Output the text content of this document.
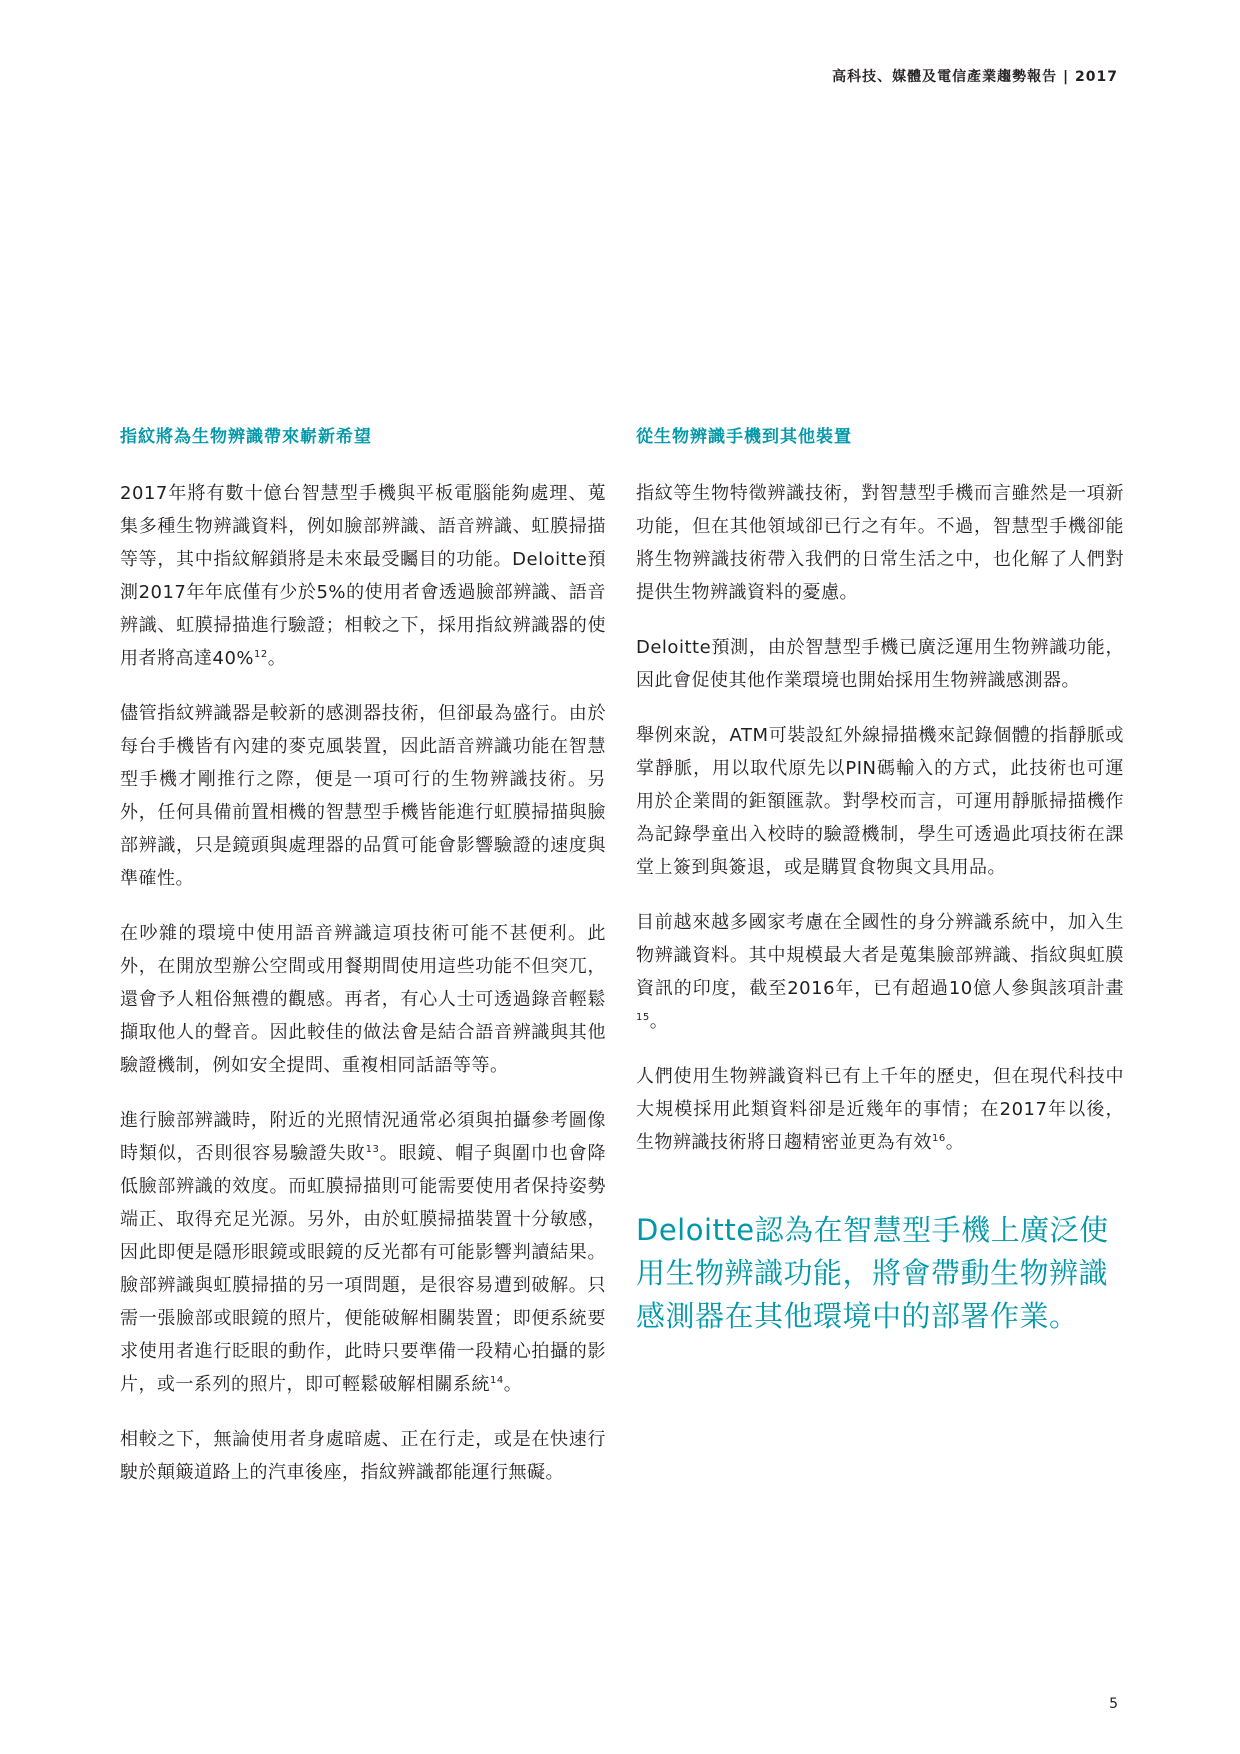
高科技、媒體及電信產業趨勢報告 | 2017
指紋將為生物辨識帶來嶄新希望

2017年將有數十億台智慧型手機與平板電腦能夠處理、蒐集多種生物辨識資料，例如臉部辨識、語音辨識、虹膜掃描等等，其中指紋解鎖將是未來最受矚目的功能。Deloitte預測2017年年底僅有少於5%的使用者會透過臉部辨識、語音辨識、虹膜掃描進行驗證；相較之下，採用指紋辨識器的使用者將高達40%$^{12}$。

儘管指紋辨識器是較新的感測器技術，但卻最為盛行。由於每台手機皆有內建的麥克風裝置，因此語音辨識功能在智慧型手機才剛推行之際，便是一項可行的生物辨識技術。另外，任何具備前置相機的智慧型手機皆能進行虹膜掃描與臉部辨識，只是鏡頭與處理器的品質可能會影響驗證的速度與準確性。

在吵雜的環境中使用語音辨識這項技術可能不甚便利。此外，在開放型辦公空間或用餐期間使用這些功能不但突兀，還會予人粗俗無禮的觀感。再者，有心人士可透過錄音輕鬆擷取他人的聲音。因此較佳的做法會是結合語音辨識與其他驗證機制，例如安全提問、重複相同話語等等。

進行臉部辨識時，附近的光照情況通常必須與拍攝參考圖像時類似，否則很容易驗證失敗$^{13}$。眼鏡、帽子與圍巾也會降低臉部辨識的效度。而虹膜掃描則可能需要使用者保持姿勢端正、取得充足光源。另外，由於虹膜掃描裝置十分敏感，因此即便是隱形眼鏡或眼鏡的反光都有可能影響判讀結果。臉部辨識與虹膜掃描的另一項問題，是很容易遭到破解。只需一張臉部或眼鏡的照片，便能破解相關裝置；即便系統要求使用者進行眨眼的動作，此時只要準備一段精心拍攝的影片，或一系列的照片，即可輕鬆破解相關系統$^{14}$。

相較之下，無論使用者身處暗處、正在行走，或是在快速行駛於顛簸道路上的汽車後座，指紋辨識都能運行無礙。

從生物辨識手機到其他裝置

指紋等生物特徵辨識技術，對智慧型手機而言雖然是一項新功能，但在其他領域卻已行之有年。不過，智慧型手機卻能將生物辨識技術帶入我們的日常生活之中，也化解了人們對提供生物辨識資料的憂慮。

Deloitte預測，由於智慧型手機已廣泛運用生物辨識功能，因此會促使其他作業環境也開始採用生物辨識感測器。

舉例來說，ATM可裝設紅外線掃描機來記錄個體的指靜脈或掌靜脈，用以取代原先以PIN碼輸入的方式，此技術也可運用於企業間的鉅額匯款。對學校而言，可運用靜脈掃描機作為記錄學童出入校時的驗證機制，學生可透過此項技術在課堂上簽到與簽退，或是購買食物與文具用品。

目前越來越多國家考慮在全國性的身分辨識系統中，加入生物辨識資料。其中規模最大者是蒐集臉部辨識、指紋與虹膜資訊的印度，截至2016年，已有超過10億人參與該項計畫$^{15}$。

人們使用生物辨識資料已有上千年的歷史，但在現代科技中大規模採用此類資料卻是近幾年的事情；在2017年以後，生物辨識技術將日趨精密並更為有效$^{16}$。

Deloitte認為在智慧型手機上廣泛使用生物辨識功能，將會帶動生物辨識感測器在其他環境中的部署作業。
5
